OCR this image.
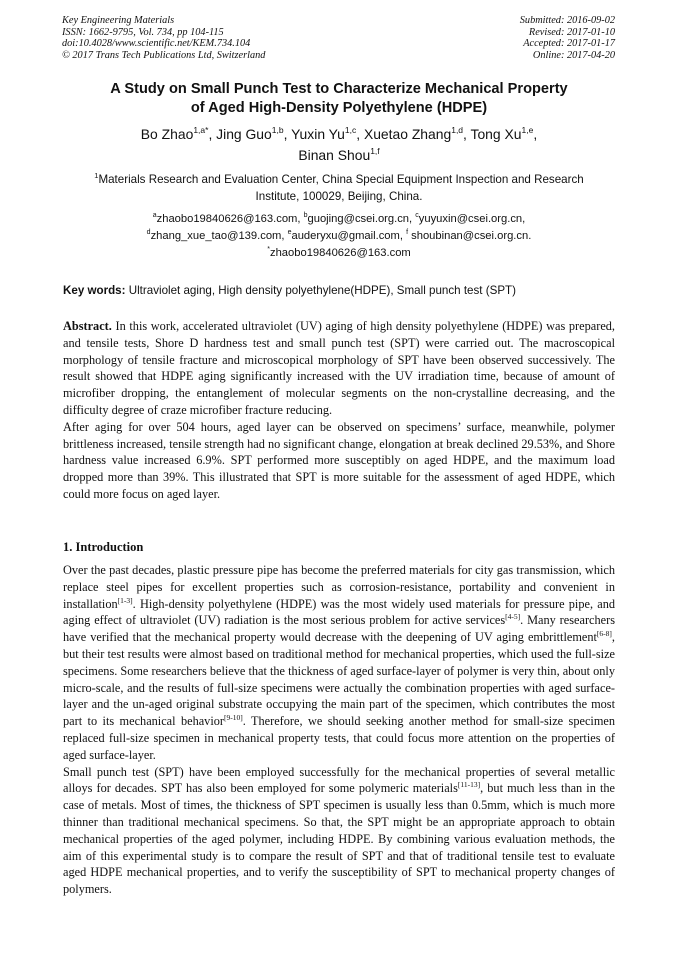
Key Engineering Materials
ISSN: 1662-9795, Vol. 734, pp 104-115
doi:10.4028/www.scientific.net/KEM.734.104
© 2017 Trans Tech Publications Ltd, Switzerland
Submitted: 2016-09-02
Revised: 2017-01-10
Accepted: 2017-01-17
Online: 2017-04-20
A Study on Small Punch Test to Characterize Mechanical Property
of Aged High-Density Polyethylene (HDPE)
Bo Zhao$^{1,a*}$, Jing Guo$^{1,b}$, Yuxin Yu$^{1,c}$, Xuetao Zhang$^{1,d}$, Tong Xu$^{1,e}$,
Binan Shou$^{1,f}$
$^1$Materials Research and Evaluation Center, China Special Equipment Inspection and Research
Institute, 100029, Beijing, China.
$^a$zhaobo19840626@163.com, $^b$guojing@csei.org.cn, $^c$yuyuxin@csei.org.cn,
$^d$zhang_xue_tao@139.com, $^e$auderyxu@gmail.com, $^f$ shoubinan@csei.org.cn.
*zhaobo19840626@163.com
Key words: Ultraviolet aging, High density polyethylene(HDPE), Small punch test (SPT)

Abstract. In this work, accelerated ultraviolet (UV) aging of high density polyethylene (HDPE) was prepared, and tensile tests, Shore D hardness test and small punch test (SPT) were carried out. The macroscopical morphology of tensile fracture and microscopical morphology of SPT have been observed successively. The result showed that HDPE aging significantly increased with the UV irradiation time, because of amount of microfiber dropping, the entanglement of molecular segments on the non-crystalline decreasing, and the difficulty degree of craze microfiber fracture reducing.

After aging for over 504 hours, aged layer can be observed on specimens’ surface, meanwhile, polymer brittleness increased, tensile strength had no significant change, elongation at break declined 29.53%, and Shore hardness value increased 6.9%. SPT performed more susceptibly on aged HDPE, and the maximum load dropped more than 39%. This illustrated that SPT is more suitable for the assessment of aged HDPE, which could more focus on aged layer.

1. Introduction

Over the past decades, plastic pressure pipe has become the preferred materials for city gas transmission, which replace steel pipes for excellent properties such as corrosion-resistance, portability and convenient in installation[1-3]. High-density polyethylene (HDPE) was the most widely used materials for pressure pipe, and aging effect of ultraviolet (UV) radiation is the most serious problem for active services[4-5]. Many researchers have verified that the mechanical property would decrease with the deepening of UV aging embrittlement[6-8], but their test results were almost based on traditional method for mechanical properties, which used the full-size specimens. Some researchers believe that the thickness of aged surface-layer of polymer is very thin, about only micro-scale, and the results of full-size specimens were actually the combination properties with aged surface-layer and the un-aged original substrate occupying the main part of the specimen, which contributes the most part to its mechanical behavior[9-10]. Therefore, we should seeking another method for small-size specimen replaced full-size specimen in mechanical property tests, that could focus more attention on the properties of aged surface-layer.

Small punch test (SPT) have been employed successfully for the mechanical properties of several metallic alloys for decades. SPT has also been employed for some polymeric materials[11-13], but much less than in the case of metals. Most of times, the thickness of SPT specimen is usually less than 0.5mm, which is much more thinner than traditional mechanical specimens. So that, the SPT might be an appropriate approach to obtain mechanical properties of the aged polymer, including HDPE. By combining various evaluation methods, the aim of this experimental study is to compare the result of SPT and that of traditional tensile test to evaluate aged HDPE mechanical properties, and to verify the susceptibility of SPT to mechanical property changes of polymers.
